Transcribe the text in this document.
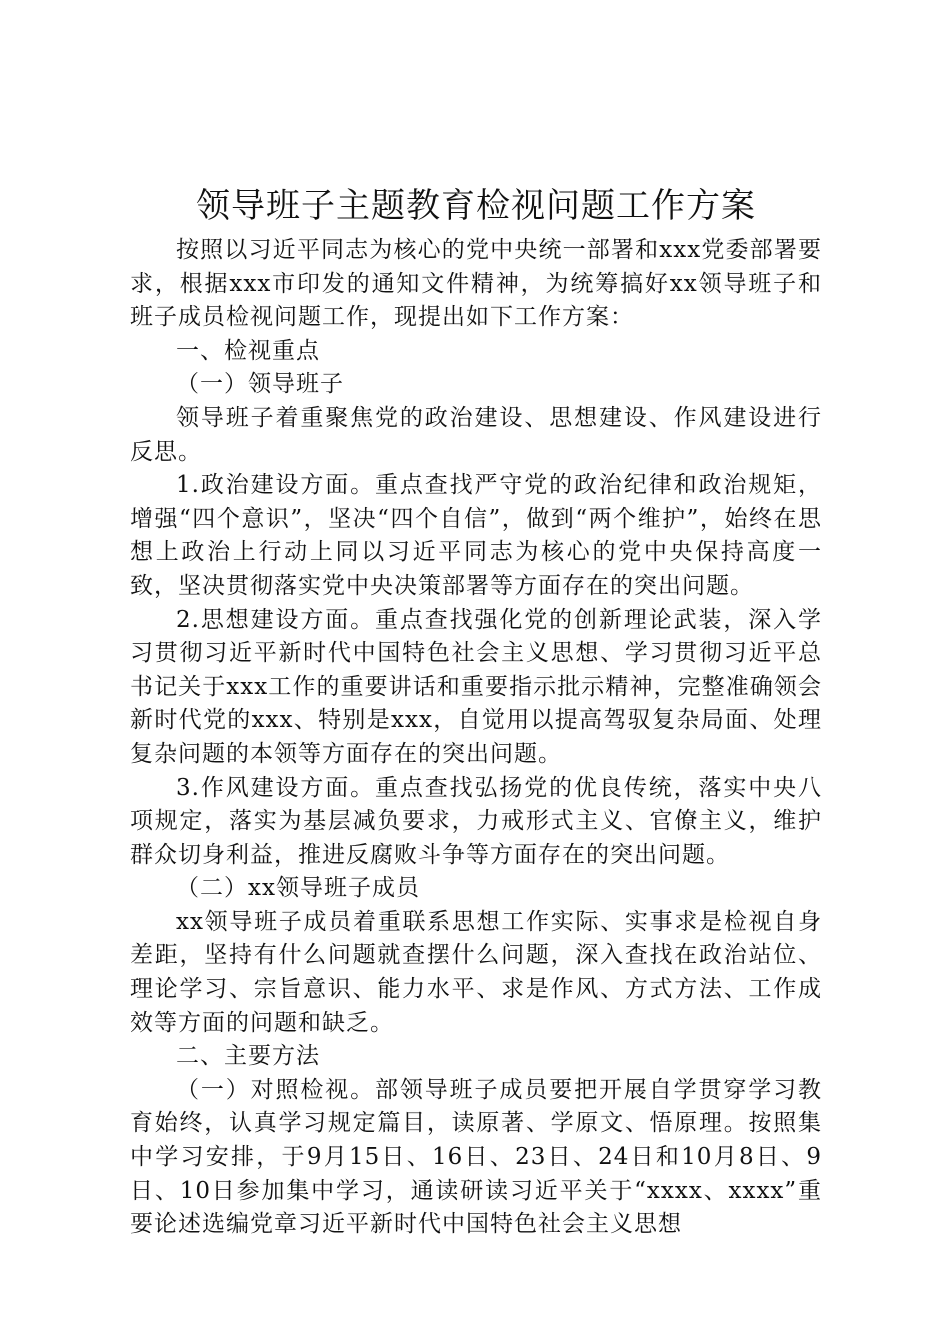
领导班子主题教育检视问题工作方案

按照以习近平同志为核心的党中央统一部署和xxx党委部署要求，根据xxx市印发的通知文件精神，为统筹搞好xx领导班子和班子成员检视问题工作，现提出如下工作方案：

一、检视重点

（一）领导班子

领导班子着重聚焦党的政治建设、思想建设、作风建设进行反思。

1.政治建设方面。重点查找严守党的政治纪律和政治规矩，增强“四个意识”，坚决“四个自信”，做到“两个维护”，始终在思想上政治上行动上同以习近平同志为核心的党中央保持高度一致，坚决贯彻落实党中央决策部署等方面存在的突出问题。

2.思想建设方面。重点查找强化党的创新理论武装，深入学习贯彻习近平新时代中国特色社会主义思想、学习贯彻习近平总书记关于xxx工作的重要讲话和重要指示批示精神，完整准确领会新时代党的xxx、特别是xxx，自觉用以提高驾驭复杂局面、处理复杂问题的本领等方面存在的突出问题。

3.作风建设方面。重点查找弘扬党的优良传统，落实中央八项规定，落实为基层减负要求，力戒形式主义、官僚主义，维护群众切身利益，推进反腐败斗争等方面存在的突出问题。

（二）xx领导班子成员

xx领导班子成员着重联系思想工作实际、实事求是检视自身差距，坚持有什么问题就查摆什么问题，深入查找在政治站位、理论学习、宗旨意识、能力水平、求是作风、方式方法、工作成效等方面的问题和缺乏。

二、主要方法

（一）对照检视。部领导班子成员要把开展自学贯穿学习教育始终，认真学习规定篇目，读原著、学原文、悟原理。按照集中学习安排，于9月15日、16日、23日、24日和10月8日、9日、10日参加集中学习，通读研读习近平关于“xxxx、xxxx”重要论述选编党章习近平新时代中国特色社会主义思想
